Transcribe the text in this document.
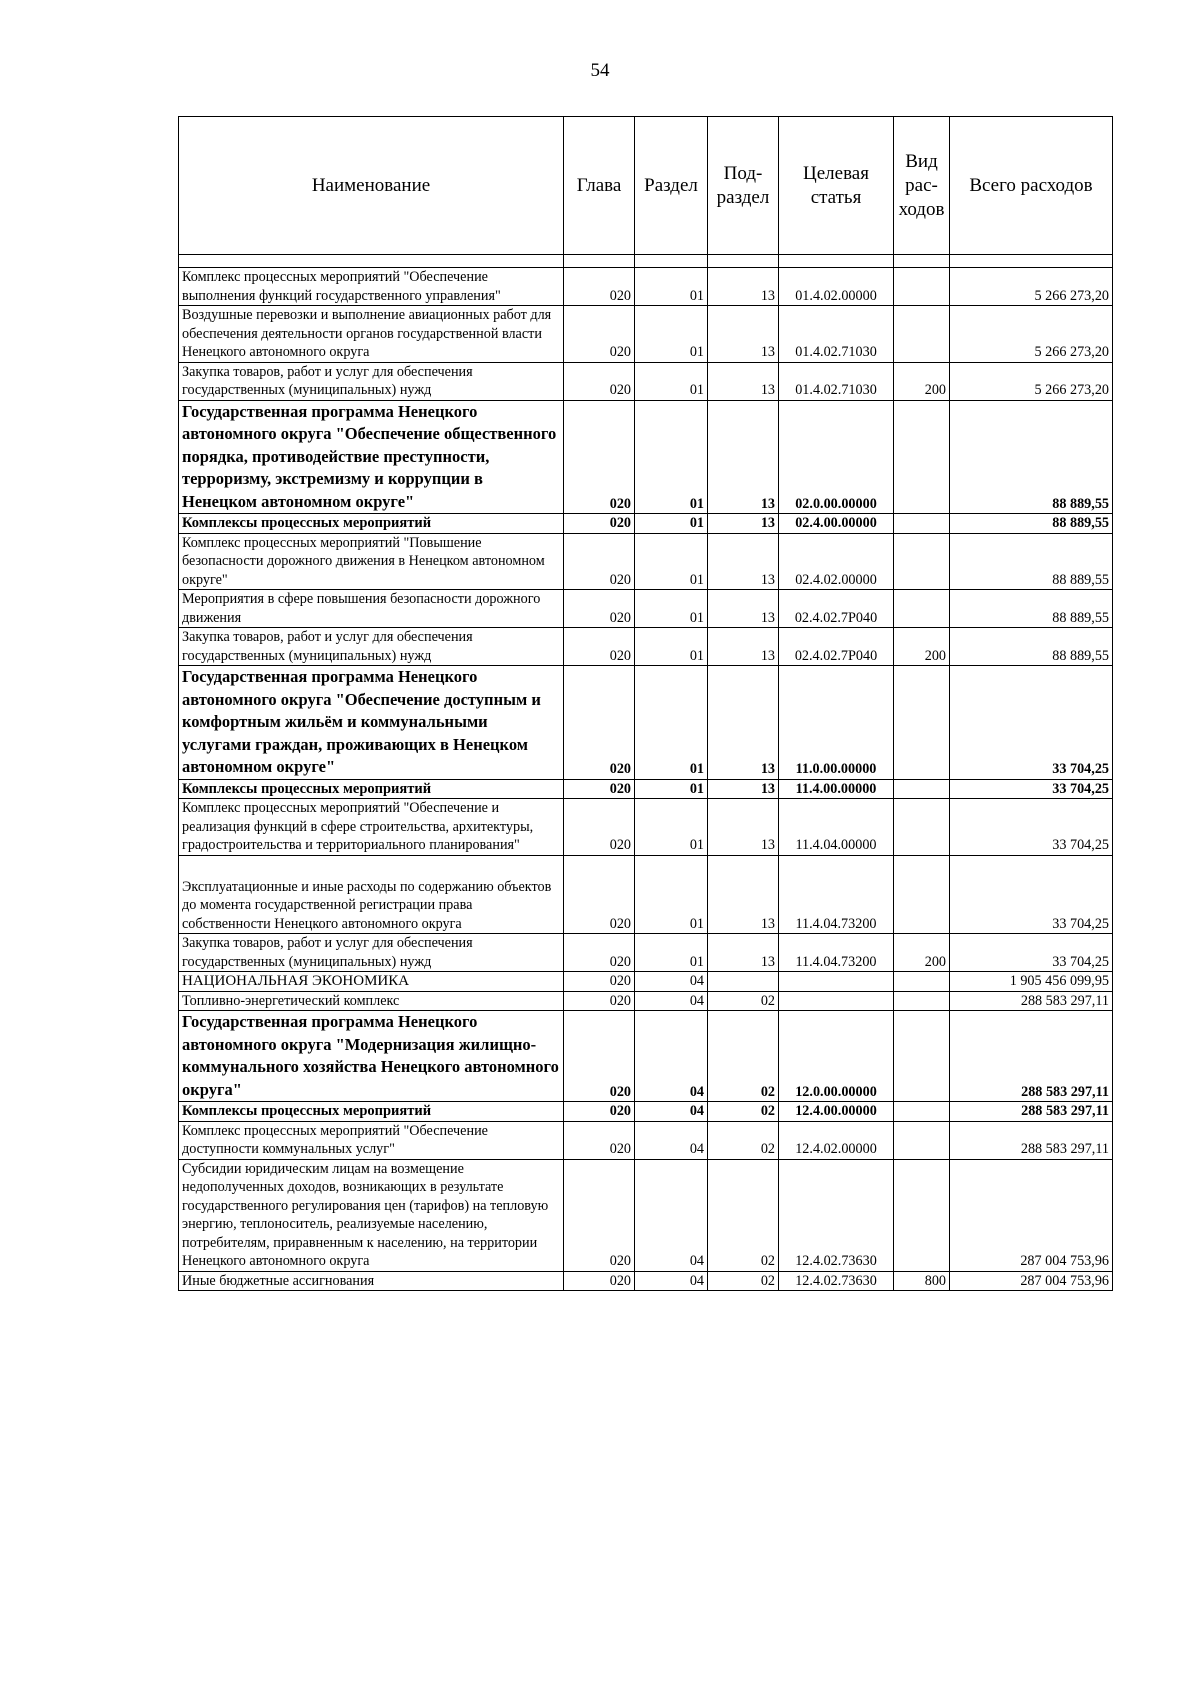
54
Наименование	Глава	Раздел	Под-раздел	Целевая статья	Вид рас-ходов	Всего расходов

Комплекс процессных мероприятий "Обеспечение выполнения функций государственного управления"	020	01	13	01.4.02.00000		5 266 273,20
Воздушные перевозки и выполнение авиационных работ для обеспечения деятельности органов государственной власти Ненецкого автономного округа	020	01	13	01.4.02.71030		5 266 273,20
Закупка товаров, работ и услуг для обеспечения государственных (муниципальных) нужд	020	01	13	01.4.02.71030	200	5 266 273,20
Государственная программа Ненецкого автономного округа "Обеспечение общественного порядка, противодействие преступности, терроризму, экстремизму и коррупции в Ненецком автономном округе"	020	01	13	02.0.00.00000		88 889,55
Комплексы процессных мероприятий	020	01	13	02.4.00.00000		88 889,55
Комплекс процессных мероприятий "Повышение безопасности дорожного движения в Ненецком автономном округе"	020	01	13	02.4.02.00000		88 889,55
Мероприятия в сфере повышения безопасности дорожного движения	020	01	13	02.4.02.7Р040		88 889,55
Закупка товаров, работ и услуг для обеспечения государственных (муниципальных) нужд	020	01	13	02.4.02.7Р040	200	88 889,55
Государственная программа Ненецкого автономного округа "Обеспечение доступным и комфортным жильём и коммунальными услугами граждан, проживающих в Ненецком автономном округе"	020	01	13	11.0.00.00000		33 704,25
Комплексы процессных мероприятий	020	01	13	11.4.00.00000		33 704,25
Комплекс процессных мероприятий "Обеспечение и реализация функций в сфере строительства, архитектуры, градостроительства и территориального планирования"	020	01	13	11.4.04.00000		33 704,25
Эксплуатационные и иные расходы по содержанию объектов до момента государственной регистрации права собственности Ненецкого автономного округа	020	01	13	11.4.04.73200		33 704,25
Закупка товаров, работ и услуг для обеспечения государственных (муниципальных) нужд	020	01	13	11.4.04.73200	200	33 704,25
НАЦИОНАЛЬНАЯ ЭКОНОМИКА	020	04				1 905 456 099,95
Топливно-энергетический комплекс	020	04	02			288 583 297,11
Государственная программа Ненецкого автономного округа "Модернизация жилищно-коммунального хозяйства Ненецкого автономного округа"	020	04	02	12.0.00.00000		288 583 297,11
Комплексы процессных мероприятий	020	04	02	12.4.00.00000		288 583 297,11
Комплекс процессных мероприятий "Обеспечение доступности коммунальных услуг"	020	04	02	12.4.02.00000		288 583 297,11
Субсидии юридическим лицам на возмещение недополученных доходов, возникающих в результате государственного регулирования цен (тарифов) на тепловую энергию, теплоноситель, реализуемые населению, потребителям, приравненным к населению, на территории Ненецкого автономного округа	020	04	02	12.4.02.73630		287 004 753,96
Иные бюджетные ассигнования	020	04	02	12.4.02.73630	800	287 004 753,96
